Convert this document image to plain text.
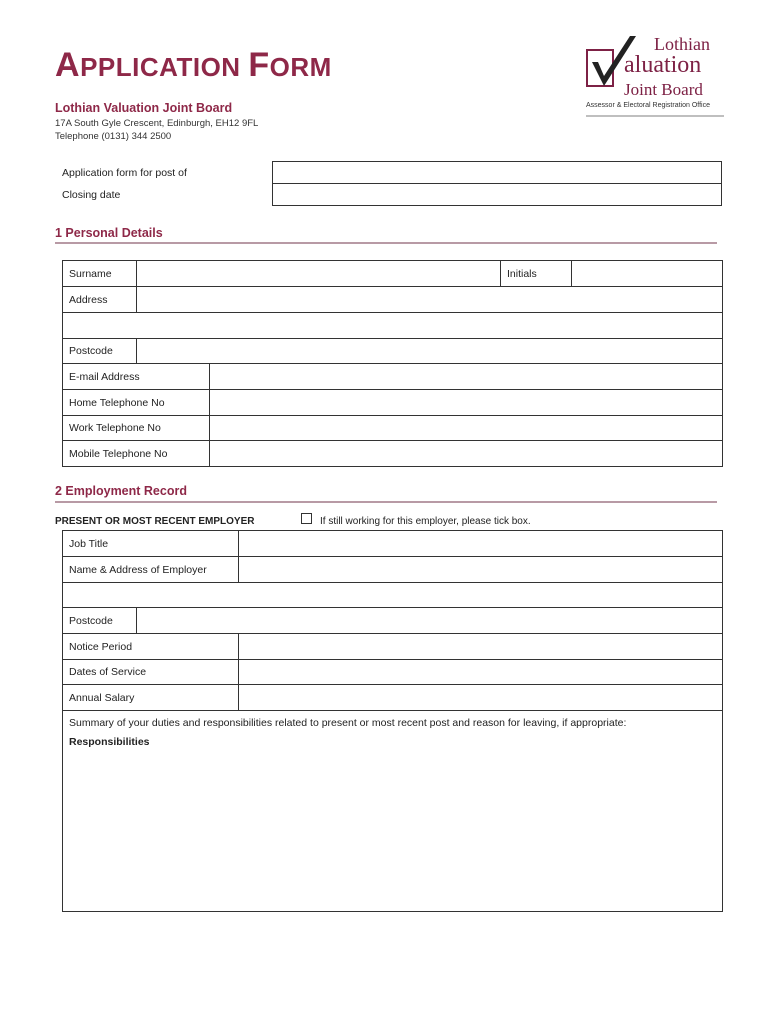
APPLICATION FORM
Lothian Valuation Joint Board
17A South Gyle Crescent, Edinburgh, EH12 9FL
Telephone (0131) 344 2500
Lothian
aluation
Joint Board
Assessor & Electoral Registration Office
Application form for post of
Closing date

1 Personal Details
Surname			Initials	
Address				

Postcode				
E-mail Address				
Home Telephone No				
Work Telephone No				
Mobile Telephone No				
2 Employment Record
PRESENT OR MOST RECENT EMPLOYER	If still working for this employer, please tick box.
Job Title		
Name & Address of Employer		

Postcode		
Notice Period		
Dates of Service		
Annual Salary		

Summary of your duties and responsibilities related to present or most recent post and reason for leaving, if appropriate:
Responsibilities		
